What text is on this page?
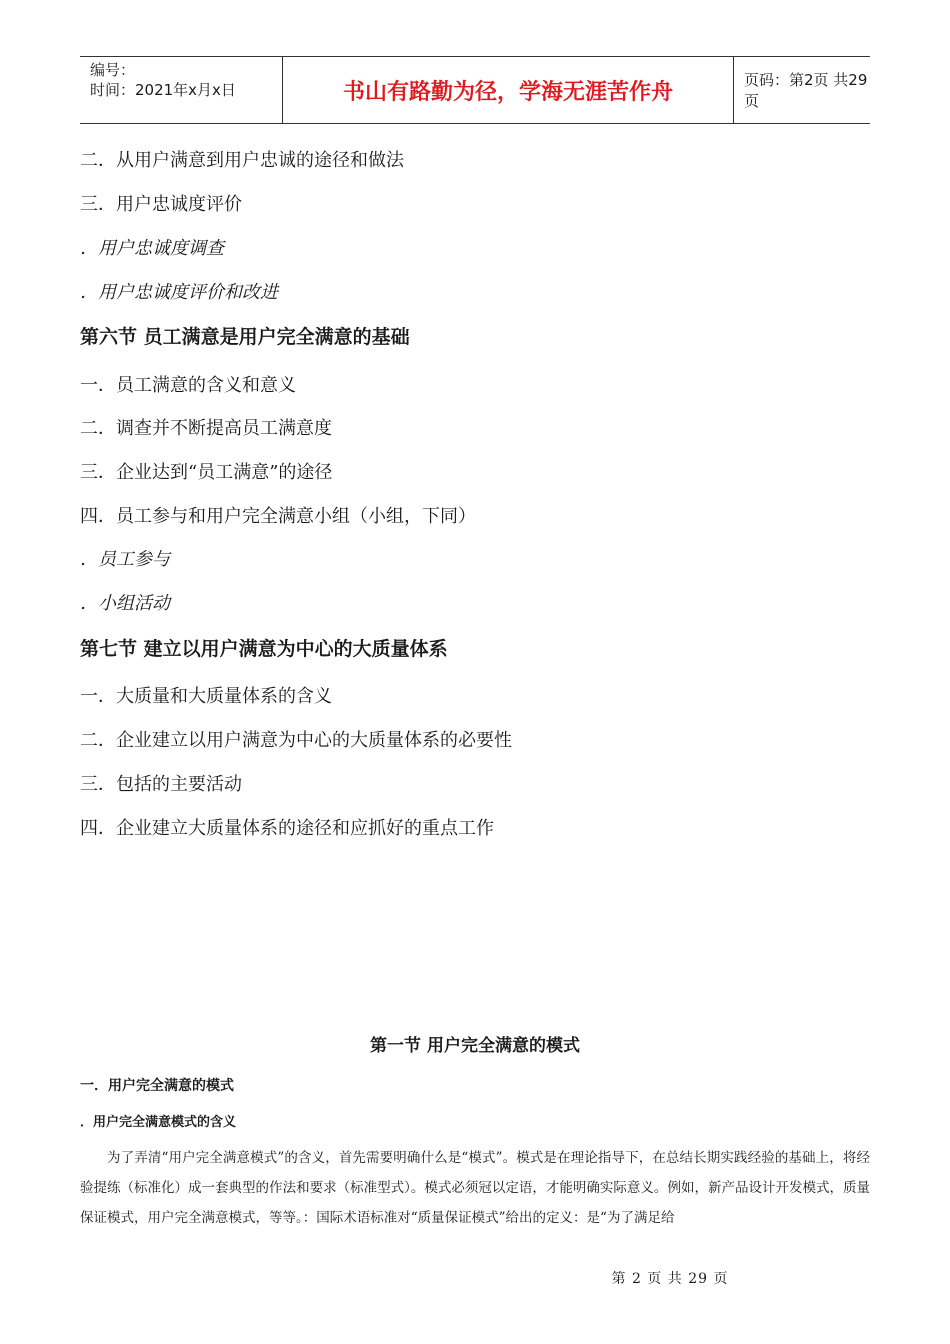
编号：
时间：2021年x月x日	书山有路勤为径，学海无涯苦作舟	页码：第2页 共29页
二．从用户满意到用户忠诚的途径和做法
三．用户忠诚度评价
．用户忠诚度调查
．用户忠诚度评价和改进
第六节 员工满意是用户完全满意的基础
一．员工满意的含义和意义
二．调查并不断提高员工满意度
三．企业达到“员工满意”的途径
四．员工参与和用户完全满意小组（小组，下同）
．员工参与
．小组活动
第七节 建立以用户满意为中心的大质量体系
一．大质量和大质量体系的含义
二．企业建立以用户满意为中心的大质量体系的必要性
三．包括的主要活动
四．企业建立大质量体系的途径和应抓好的重点工作
第一节 用户完全满意的模式
一．用户完全满意的模式
．用户完全满意模式的含义
为了弄清“用户完全满意模式”的含义，首先需要明确什么是“模式”。模式是在理论指导下，在总结长期实践经验的基础上，将经验提练（标准化）成一套典型的作法和要求（标准型式）。模式必须冠以定语，才能明确实际意义。例如，新产品设计开发模式，质量保证模式，用户完全满意模式，等等。：国际术语标准对“质量保证模式”给出的定义：是“为了满足给
第 2 页 共 29 页
